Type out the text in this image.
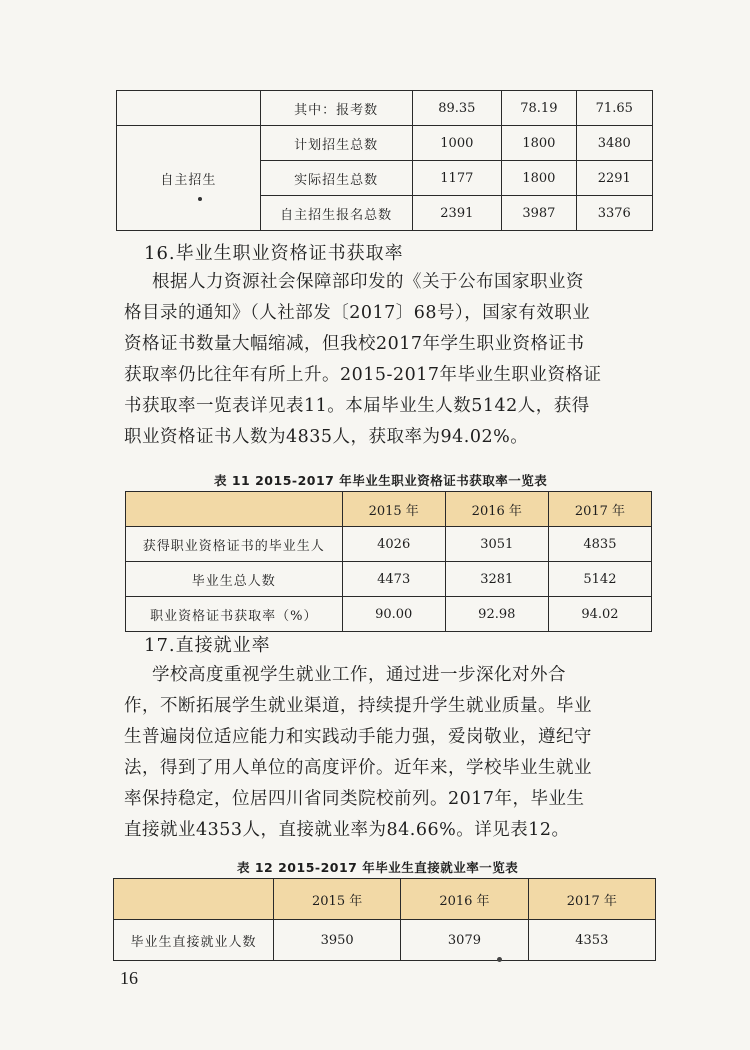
	其中：报考数	89.35	78.19	71.65
自主招生	计划招生总数	1000	1800	3480
	实际招生总数	1177	1800	2291
	自主招生报名总数	2391	3987	3376
16.毕业生职业资格证书获取率
根据人力资源社会保障部印发的《关于公布国家职业资
格目录的通知》（人社部发〔2017〕68号），国家有效职业
资格证书数量大幅缩减，但我校2017年学生职业资格证书
获取率仍比往年有所上升。2015-2017年毕业生职业资格证
书获取率一览表详见表11。本届毕业生人数5142人，获得
职业资格证书人数为4835人，获取率为94.02%。
表 11 2015-2017 年毕业生职业资格证书获取率一览表
	2015 年	2016 年	2017 年
获得职业资格证书的毕业生人	4026	3051	4835
毕业生总人数	4473	3281	5142
职业资格证书获取率（%）	90.00	92.98	94.02
17.直接就业率
学校高度重视学生就业工作，通过进一步深化对外合
作，不断拓展学生就业渠道，持续提升学生就业质量。毕业
生普遍岗位适应能力和实践动手能力强，爱岗敬业，遵纪守
法，得到了用人单位的高度评价。近年来，学校毕业生就业
率保持稳定，位居四川省同类院校前列。2017年，毕业生
直接就业4353人，直接就业率为84.66%。详见表12。
表 12 2015-2017 年毕业生直接就业率一览表
	2015 年	2016 年	2017 年
毕业生直接就业人数	3950	3079	4353
16
